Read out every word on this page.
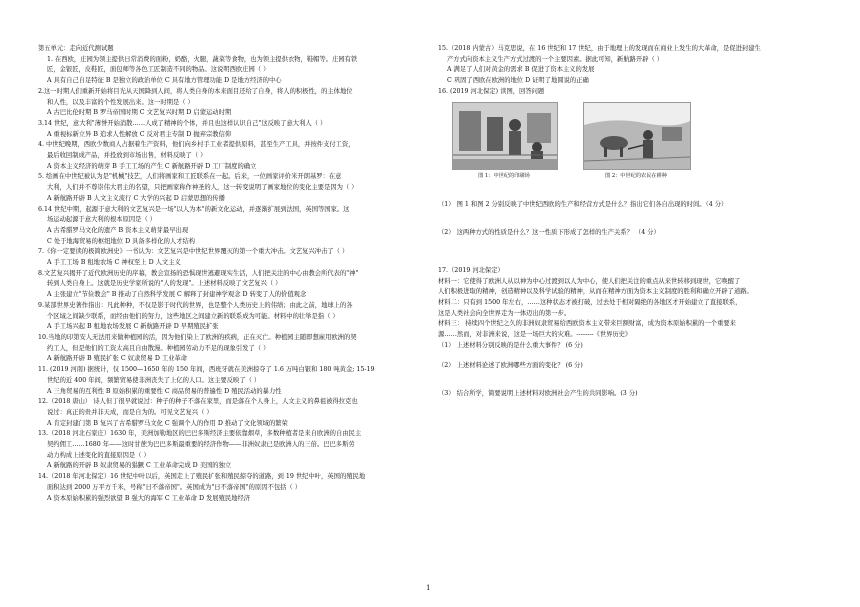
第五单元：走向近代测试题
1. 在西欧，庄园为领主提供日常消费的面粉，奶酪，火腿，蔬菜等食物，也为领主提供衣物，鞋帽等。庄园有铁
匠，金银匠，皮鞋匠，面包师等各色工匠制造不同的物品。这说明西欧庄园（ ）
A 具有自己自足特征 B 是独立的政治单位 C 具有地方管理功能 D 是地方经济的中心
2.这一时期人们重新开始将目光从天国降到人间，将人类自身的本来面目还给了自身，将人的积极性，的主体地位
和人性，以及丰富的个性发展出来。这一时期是（ ）
A 古巴比伦时期 B 罗马帝国时期 C 文艺复兴时期 D 启蒙运动时期
3.14 世纪，意大利"薄誉开始消散……人成了精神的个体，并且也这样认识自己"这反映了意大利人（ ）
A 重视标新立异 B 追求人性解放 C 反对君主专制 D 抛弃宗教信仰
4. 中世纪晚期，西欧少数商人占据着生产资料，他们向乡村手工业者提供原料，甚至生产工具，并按件支付工资，
最后收回制成产品，并投放到市场出售，材料反映了（ ）
A 资本主义经济的萌芽 B 手工工场的产生 C 新航路开辟 D 工厂制度的确立
5. 绘画在中世纪被认为是"机械"技艺，人们将画家和工匠联系在一起。后来，一位画家评价米开朗基罗：在意
大利，人们并不尊崇伟大君主的名望，只把画家称作神圣的人，这一转变说明了画家地位的变化主要是因为（ ）
A 新航路开辟 B 人文主义流行 C 大学的兴起 D 启蒙思想的传播
6.14 世纪中期，起源于意大利的文艺复兴是一场"以人为本"的新文化运动，并逐渐扩展到法国，英国等国家。这
场运动起源于意大利的根本原因是（ ）
A 古希腊罗马文化的遗产 B 资本主义萌芽最早出现
C 处于地海贸易的枢纽地位 D 具备多样化的人才结构
7.《你一定要读的极简欧洲史》一书认为：文艺复兴是中世纪世界覆灭的第一个重大冲击。文艺复兴冲击了（ ）
A 手工工场 B 租地农场 C 神权至上 D 人文主义
8.文艺复兴揭开了近代欧洲历史的序幕，教会宣扬的恐惧现世逃避现实生活，人们把关注的中心由教会所代表的"神"
转到人类自身上。这就是历史学家所说的"人的发现"。上述材料反映了文艺复兴（ ）
A 主张建立"节俭教会" B 推动了自然科学发展 C 解释了封建神学观念 D 转变了人的价值观念
9.某部世界史著作指出：凡此种种，不仅是影于时代的世界，也是整个人类历史上的伟绩；由此之前，地球上的各
个区域之间缺少联系，而经由他们的努力，这些地区之间建立新的联系成为可能。材料中的壮举是指（ ）
A 手工场兴起 B 租地农场发展 C 新航路开辟 D 早期殖民扩张
10.当地的印第安人无法用来做种植园的活，因为他们染上了欧洲的疾病，正在灭亡。种植园主随即想雇用欧洲的契
约工人，但是他们的工资太高且自由散漫。种植园劳动力不足的现象引发了（ ）
A 新航路开辟 B 殖民扩张 C 奴隶贸易 D 工业革命
11. (2019 河南) 据统计，仅 1500—1650 年的 150 年间，西班牙就在美洲掠夺了 1.6 万吨白银和 180 吨黄金; 15-19
世纪的近 400 年间，频繁贸易使非洲丧失了上亿的人口。这主要反映了（ ）
A 三角贸易的互利性 B 原始积累的重要性 C 商品贸易的普遍性 D 殖民活动的暴力性
12.（2018 唐山） 诗人但丁很早就说过：种子的种子不落在家里，而是落在个人身上，人文主义的鼻祖被得拉克也
说过：真正的贵并非天成，而是自为的。可见文艺复兴（ ）
A 肯定封建门第 B 复兴了古希腊罗马文化 C 强调个人的作用 D 推动了文化领域的繁荣
13.（2018 河北石家庄）1630 年，美洲加勒地区的巴巴多斯经济主要依靠烟草，多数种植者是来自欧洲的自由民主
契约佣工……1680 年——这时甘蔗为巴巴多斯最重要的经济作物——非洲奴隶已是欧洲人的三倍。巴巴多斯劳
动力构成上述变化的直接原因是（ ）
A 新航路的开辟 B 奴隶贸易的猖獗 C 工业革命完成 D 美国的独立
14.（2018 年河北保定）16 世纪中叶以后，英国走上了殖民扩张和殖民掠夺的道路，到 19 世纪中叶，英国的殖民地
面积达到 2000 万平方千米，号称"日不落帝国"。英国成为"日不落帝国"的原因不包括（ ）
A 资本原始积累的强烈欲望 B 强大的海军 C 工业革命 D 发展殖民地经济
15.（2018 内蒙古）马克思说，在 16 世纪和 17 世纪，由于地理上的发现而在商业上发生的大革命，是促进封建生
产方式向资本主义生产方式过渡的一个主要因素。据此可知，新航路开辟（ ）
A 满足了人们对黄金的需求 B 促进了资本主义的发展
C 巩固了西欧在欧洲的地位 D 证明了地圆说的正确
16. (2019 河北保定) 读图，回答问题
图 1：中世纪的印刷场	图 2：中世纪的农民在耕种
（1） 图 1 和图 2 分别反映了中世纪西欧的生产和经营方式是什么？指出它们各自出现的时间。（4 分）
（2） 这两种方式的性质是什么？这一性质下形成了怎样的生产关系？ （4 分）
17.（2019 河北保定）
材料一：它使得了欧洲人从以神为中心过渡到以人为中心，使人们把关注的重点从来世转移到现世，它唤醒了
人们积极进取的精神，创造精神以及科学试验的精神，从而在精神方面为资本主义制度的胜利和确立开辟了道路。
材料二：只有到 1500 年左右，……这种状态才被打破，过去处于相对隔绝的各地区才开始建立了直接联系，
这是人类社会向全世界走为一体迈出的第一步。
材料三： 持续四个世纪之久的非洲奴隶贸易给西欧资本主义带来巨额财富，成为资本原始积累的一个重要来
源……然而，对非洲来说，这是一场巨大的灾难。--------《世界历史》
（1） 上述材料分别反映的是什么重大事件？ (6 分)
（2） 上述材料论述了欧洲哪些方面的变化？ (6 分)
（3） 结合所学，简要说明上述材料对欧洲社会产生的共同影响。(3 分)
1
